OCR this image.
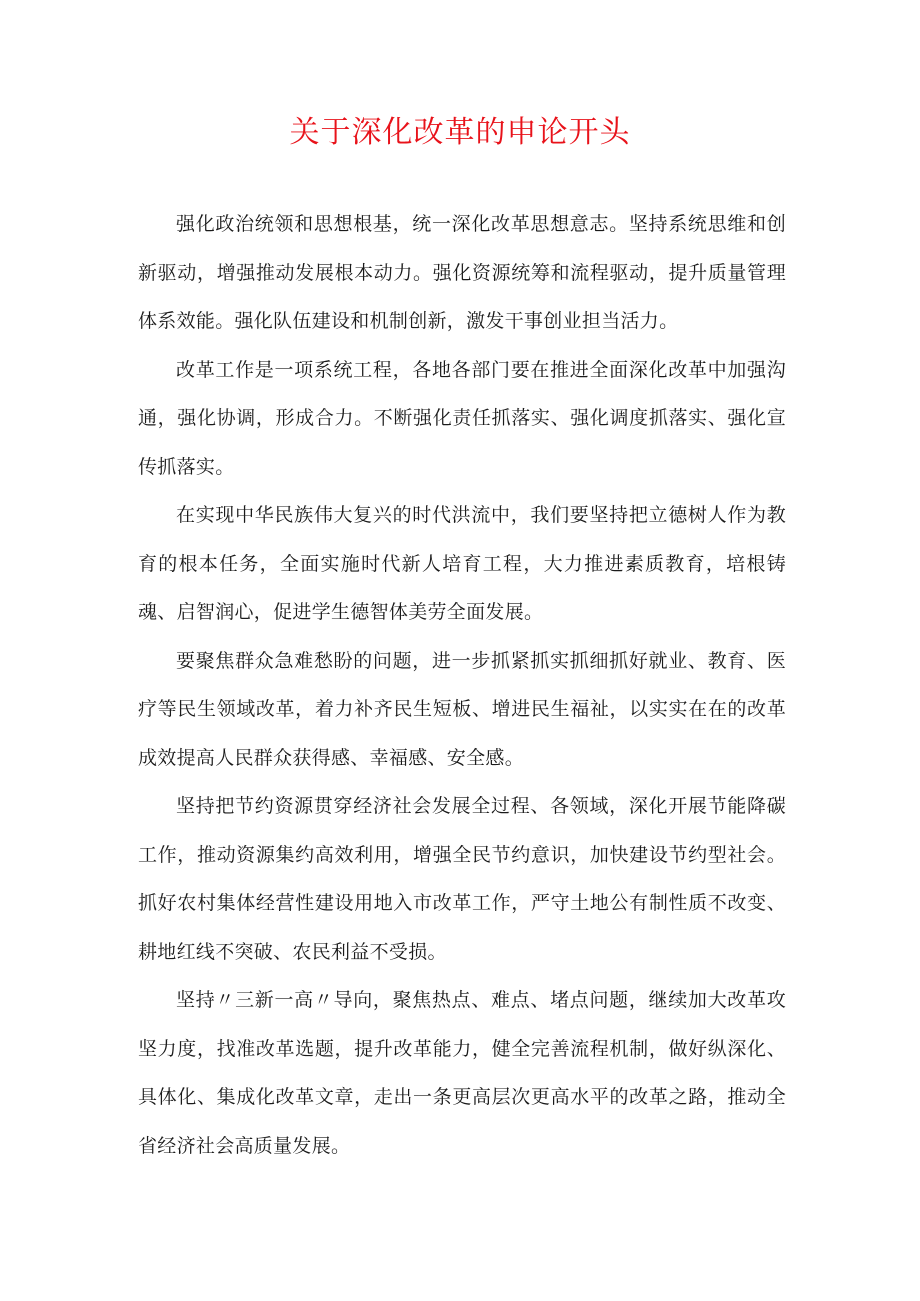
关于深化改革的申论开头

强化政治统领和思想根基，统一深化改革思想意志。坚持系统思维和创新驱动，增强推动发展根本动力。强化资源统筹和流程驱动，提升质量管理体系效能。强化队伍建设和机制创新，激发干事创业担当活力。

改革工作是一项系统工程，各地各部门要在推进全面深化改革中加强沟通，强化协调，形成合力。不断强化责任抓落实、强化调度抓落实、强化宣传抓落实。

在实现中华民族伟大复兴的时代洪流中，我们要坚持把立德树人作为教育的根本任务，全面实施时代新人培育工程，大力推进素质教育，培根铸魂、启智润心，促进学生德智体美劳全面发展。

要聚焦群众急难愁盼的问题，进一步抓紧抓实抓细抓好就业、教育、医疗等民生领域改革，着力补齐民生短板、增进民生福祉，以实实在在的改革成效提高人民群众获得感、幸福感、安全感。

坚持把节约资源贯穿经济社会发展全过程、各领域，深化开展节能降碳工作，推动资源集约高效利用，增强全民节约意识，加快建设节约型社会。抓好农村集体经营性建设用地入市改革工作，严守土地公有制性质不改变、耕地红线不突破、农民利益不受损。

坚持〃三新一高〃导向，聚焦热点、难点、堵点问题，继续加大改革攻坚力度，找准改革选题，提升改革能力，健全完善流程机制，做好纵深化、具体化、集成化改革文章，走出一条更高层次更高水平的改革之路，推动全省经济社会高质量发展。
